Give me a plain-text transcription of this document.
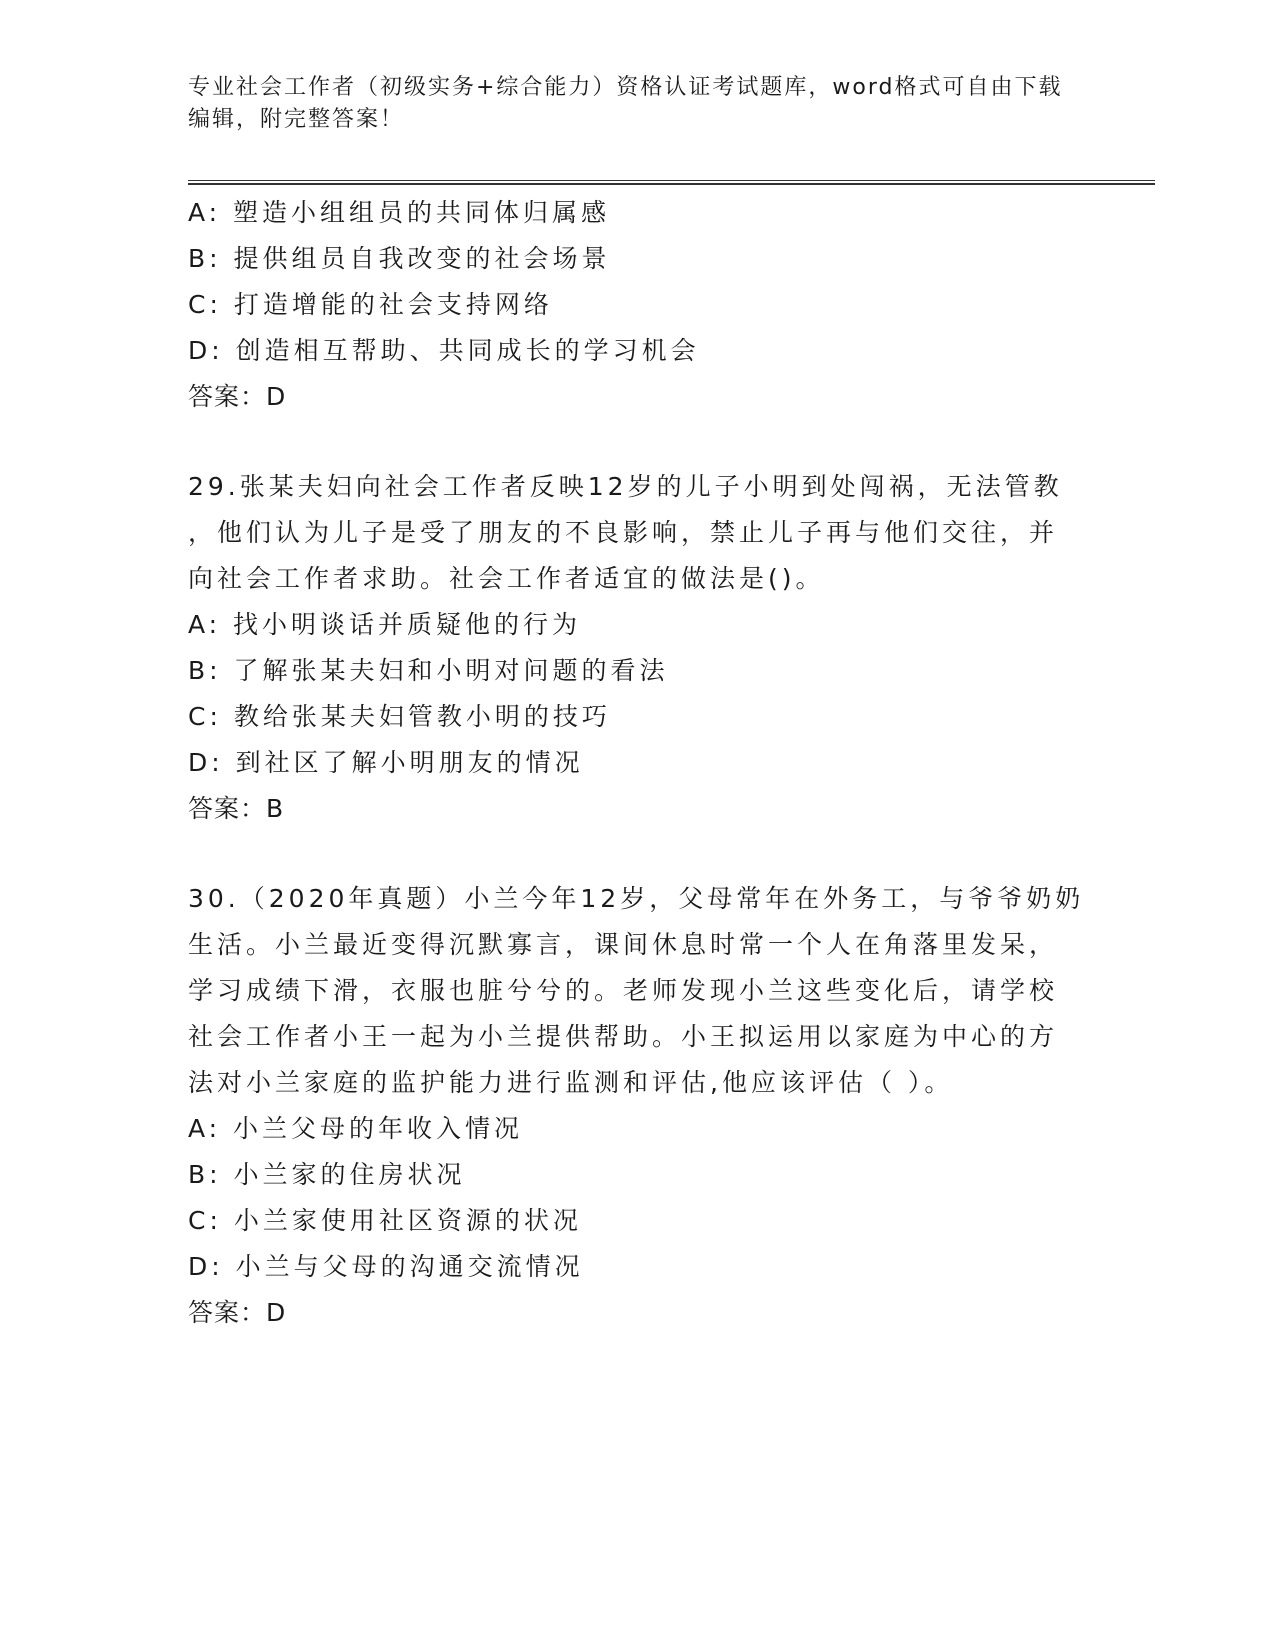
专业社会工作者（初级实务+综合能力）资格认证考试题库，word格式可自由下载
编辑，附完整答案！
A: 塑造小组组员的共同体归属感
B: 提供组员自我改变的社会场景
C: 打造增能的社会支持网络
D: 创造相互帮助、共同成长的学习机会
答案：D
29.张某夫妇向社会工作者反映12岁的儿子小明到处闯祸，无法管教
，他们认为儿子是受了朋友的不良影响，禁止儿子再与他们交往，并
向社会工作者求助。社会工作者适宜的做法是()。
A: 找小明谈话并质疑他的行为
B: 了解张某夫妇和小明对问题的看法
C: 教给张某夫妇管教小明的技巧
D: 到社区了解小明朋友的情况
答案：B
30.（2020年真题）小兰今年12岁，父母常年在外务工，与爷爷奶奶
生活。小兰最近变得沉默寡言，课间休息时常一个人在角落里发呆，
学习成绩下滑，衣服也脏兮兮的。老师发现小兰这些变化后，请学校
社会工作者小王一起为小兰提供帮助。小王拟运用以家庭为中心的方
法对小兰家庭的监护能力进行监测和评估,他应该评估（ ）。
A: 小兰父母的年收入情况
B: 小兰家的住房状况
C: 小兰家使用社区资源的状况
D: 小兰与父母的沟通交流情况
答案：D
